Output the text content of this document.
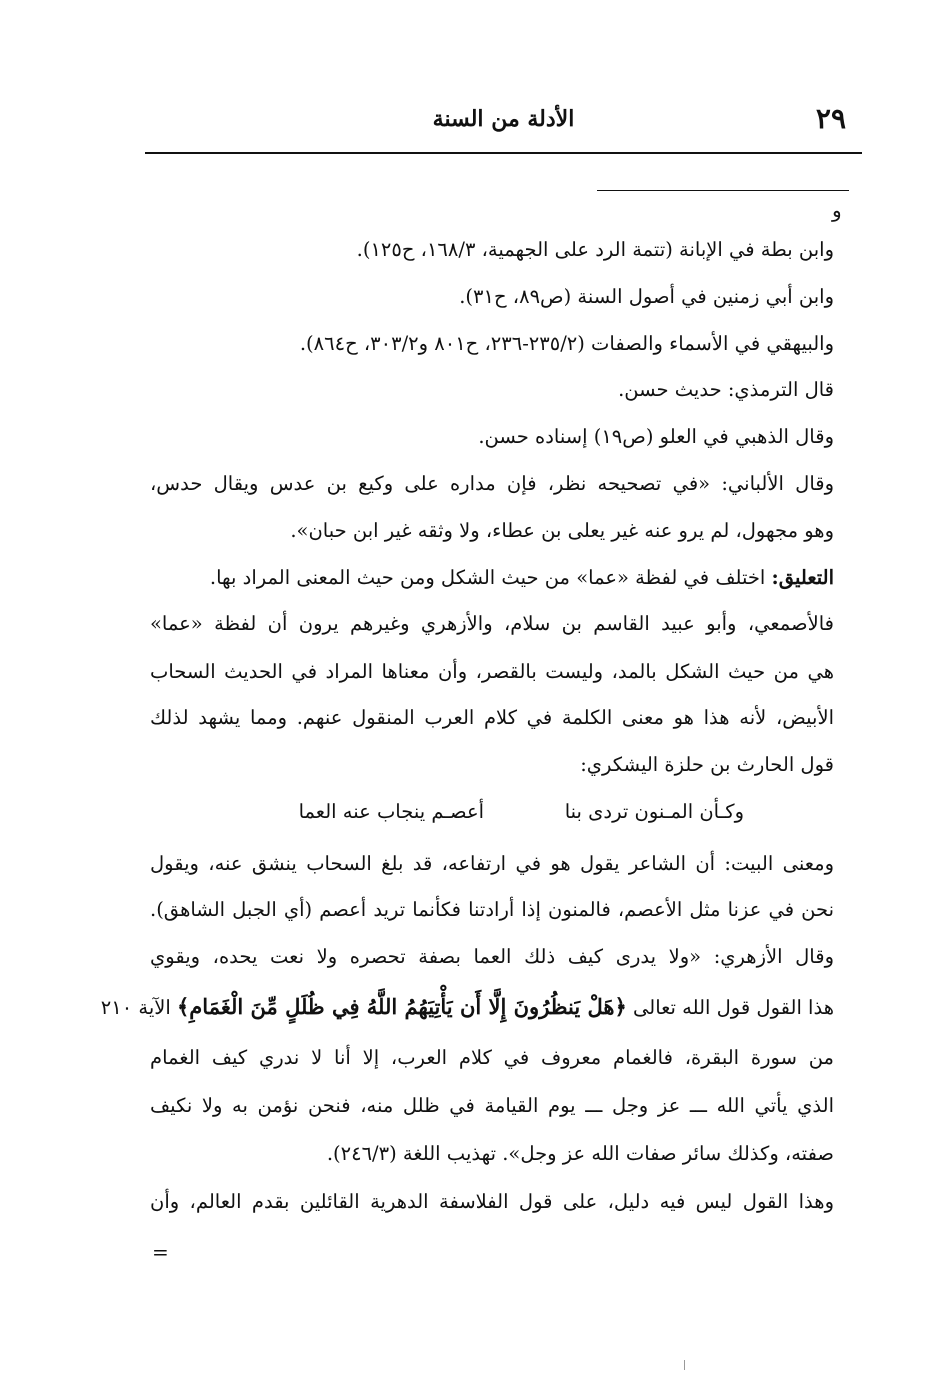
٢٩
الأدلة من السنة
ﻭ
وابن بطة في الإبانة (تتمة الرد على الجهمية، ١٦٨/٣، ح١٢٥).
وابن أبي زمنين في أصول السنة (ص٨٩، ح٣١).
والبيهقي في الأسماء والصفات (٢٣٥/٢-٢٣٦، ح٨٠١ و٣٠٣/٢، ح٨٦٤).
قال الترمذي: حديث حسن.
وقال الذهبي في العلو (ص١٩) إسناده حسن.
وقال الألباني: «في تصحيحه نظر، فإن مداره على وكيع بن عدس ويقال حدس،
وهو مجهول، لم يرو عنه غير يعلى بن عطاء، ولا وثقه غير ابن حبان».
التعليق: اختلف في لفظة «عما» من حيث الشكل ومن حيث المعنى المراد بها.
فالأصمعي، وأبو عبيد القاسم بن سلام، والأزهري وغيرهم يرون أن لفظة «عما»
هي من حيث الشكل بالمد، وليست بالقصر، وأن معناها المراد في الحديث السحاب
الأبيض، لأنه هذا هو معنى الكلمة في كلام العرب المنقول عنهم. ومما يشهد لذلك
قول الحارث بن حلزة اليشكري:
وكـأن المـنون تردى بنا
أعصـم ينجاب عنه العما
ومعنى البيت: أن الشاعر يقول هو في ارتفاعه، قد بلغ السحاب ينشق عنه، ويقول
نحن في عزنا مثل الأعصم، فالمنون إذا أرادتنا فكأنما تريد أعصم (أي الجبل الشاهق).
وقال الأزهري: «ولا يدرى كيف ذلك العما بصفة تحصره ولا نعت يحده، ويقوي
هذا القول قول الله تعالى ﴿هَلْ يَنظُرُونَ إِلَّا أَن يَأْتِيَهُمُ اللَّهُ فِي ظُلَلٍ مِّنَ الْغَمَامِ﴾ الآية ٢١٠
من سورة البقرة، فالغمام معروف في كلام العرب، إلا أنا لا ندري كيف الغمام
الذي يأتي الله ـــ عز وجل ـــ يوم القيامة في ظلل منه، فنحن نؤمن به ولا نكيف
صفته، وكذلك سائر صفات الله عز وجل». تهذيب اللغة (٢٤٦/٣).
وهذا القول ليس فيه دليل، على قول الفلاسفة الدهرية القائلين بقدم العالم، وأن
=
